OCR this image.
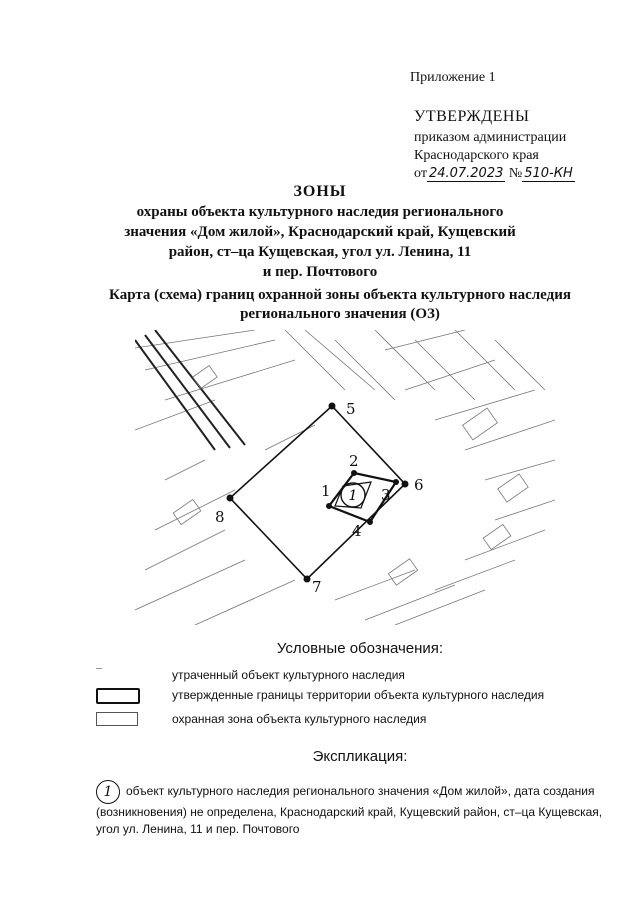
Приложение 1
УТВЕРЖДЕНЫ
приказом администрации
Краснодарского края
от 24.07.2023 № 510-КН
ЗОНЫ
охраны объекта культурного наследия регионального
значения «Дом жилой», Краснодарский край, Кущевский
район, ст–ца Кущевская, угол ул. Ленина, 11
и пер. Почтового
Карта (схема) границ охранной зоны объекта культурного наследия
регионального значения (ОЗ)
1
1
2
3
4
5
6
7
8
Условные обозначения:
утраченный объект культурного наследия
утвержденные границы территории объекта культурного наследия
охранная зона объекта культурного наследия
Экспликация:
1 объект культурного наследия регионального значения «Дом жилой», дата создания (возникновения) не определена, Краснодарский край, Кущевский район, ст–ца Кущевская, угол ул. Ленина, 11 и пер. Почтового
